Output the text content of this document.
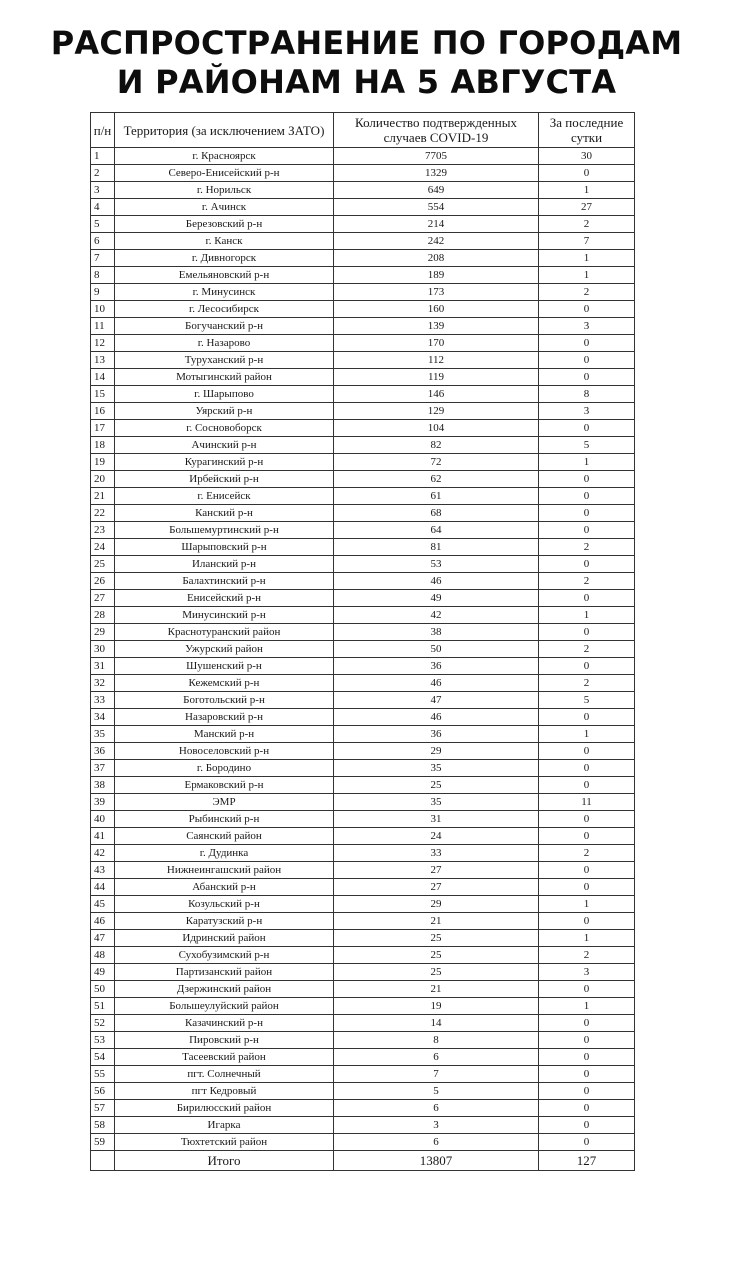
РАСПРОСТРАНЕНИЕ ПО ГОРОДАМ
И РАЙОНАМ НА 5 АВГУСТА
п/н	Территория (за исключением ЗАТО)	Количество подтвержденных случаев COVID-19	За последние сутки
1	г. Красноярск	7705	30
2	Северо-Енисейский р-н	1329	0
3	г. Норильск	649	1
4	г. Ачинск	554	27
5	Березовский р-н	214	2
6	г. Канск	242	7
7	г. Дивногорск	208	1
8	Емельяновский р-н	189	1
9	г. Минусинск	173	2
10	г. Лесосибирск	160	0
11	Богучанский р-н	139	3
12	г. Назарово	170	0
13	Туруханский р-н	112	0
14	Мотыгинский район	119	0
15	г. Шарыпово	146	8
16	Уярский р-н	129	3
17	г. Сосновоборск	104	0
18	Ачинский р-н	82	5
19	Курагинский р-н	72	1
20	Ирбейский р-н	62	0
21	г. Енисейск	61	0
22	Канский р-н	68	0
23	Большемуртинский р-н	64	0
24	Шарыповский р-н	81	2
25	Иланский р-н	53	0
26	Балахтинский р-н	46	2
27	Енисейский р-н	49	0
28	Минусинский р-н	42	1
29	Краснотуранский район	38	0
30	Ужурский район	50	2
31	Шушенский р-н	36	0
32	Кежемский р-н	46	2
33	Боготольский р-н	47	5
34	Назаровский р-н	46	0
35	Манский р-н	36	1
36	Новоселовский р-н	29	0
37	г. Бородино	35	0
38	Ермаковский р-н	25	0
39	ЭМР	35	11
40	Рыбинский р-н	31	0
41	Саянский район	24	0
42	г. Дудинка	33	2
43	Нижнеингашский район	27	0
44	Абанский р-н	27	0
45	Козульский р-н	29	1
46	Каратузский р-н	21	0
47	Идринский район	25	1
48	Сухобузимский р-н	25	2
49	Партизанский район	25	3
50	Дзержинский район	21	0
51	Большеулуйский район	19	1
52	Казачинский р-н	14	0
53	Пировский р-н	8	0
54	Тасеевский район	6	0
55	пгт. Солнечный	7	0
56	пгт Кедровый	5	0
57	Бирилюсский район	6	0
58	Игарка	3	0
59	Тюхтетский район	6	0
	Итого	13807	127
